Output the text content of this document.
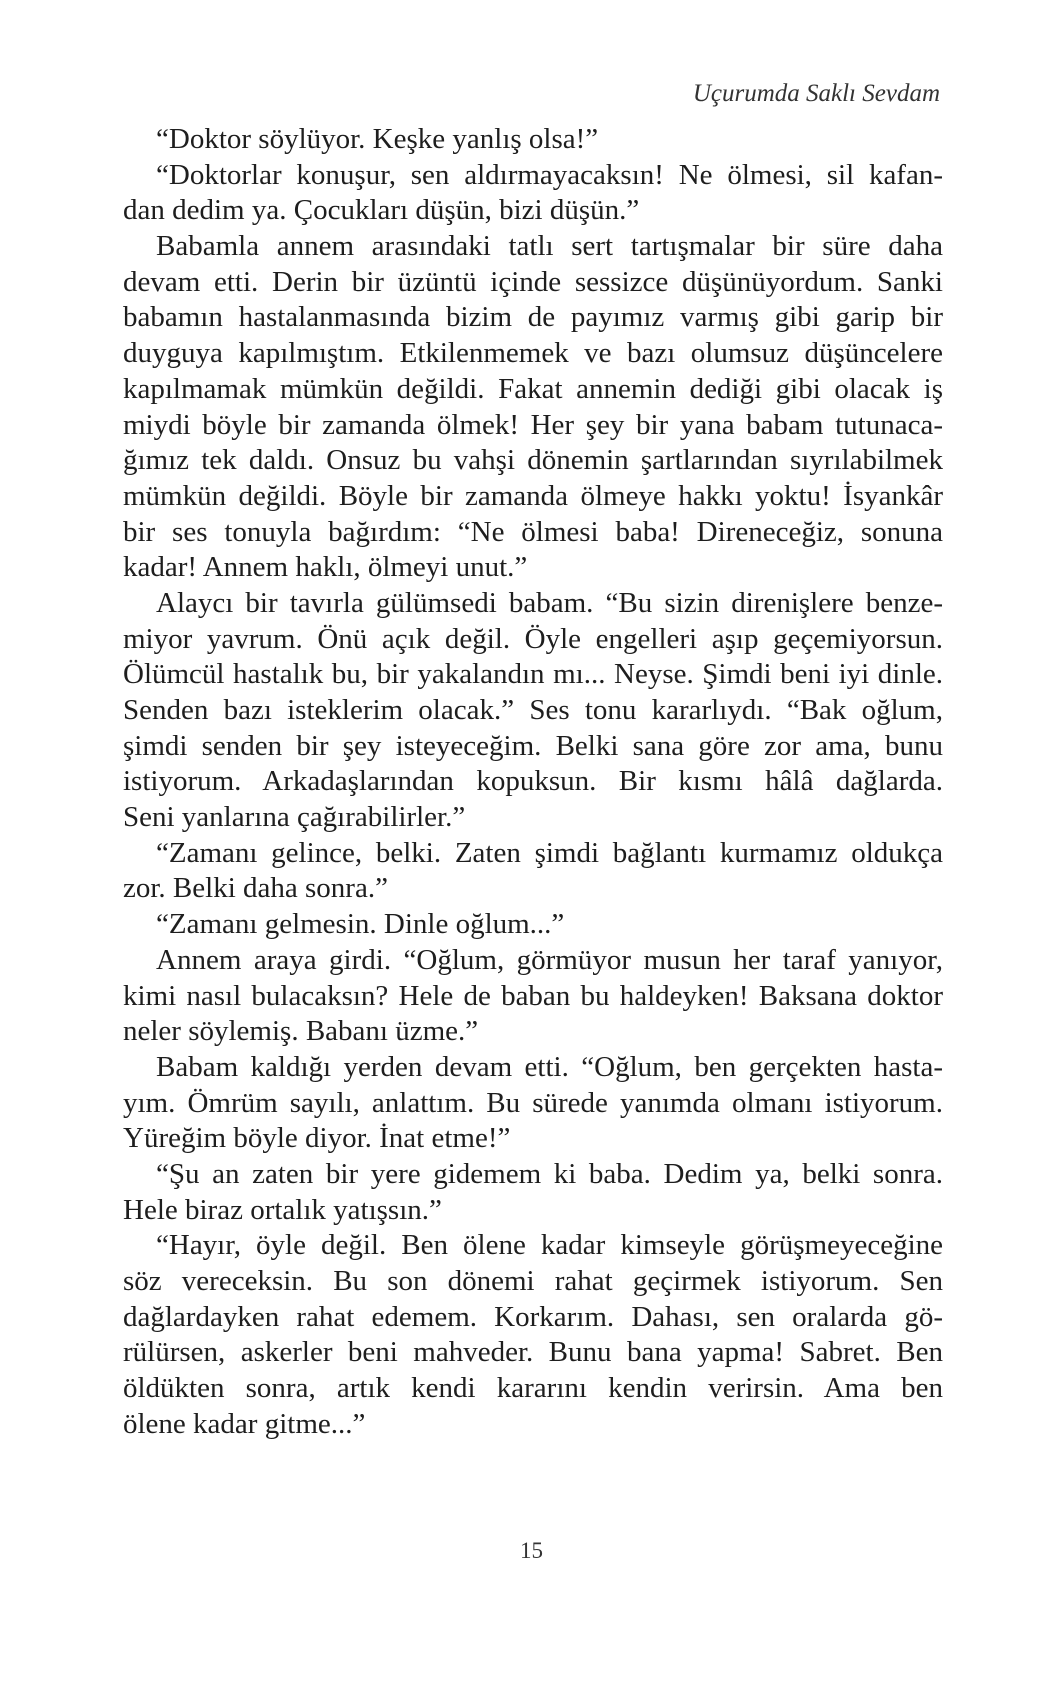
Uçurumda Saklı Sevdam

“Doktor söylüyor. Keşke yanlış olsa!”
“Doktorlar konuşur, sen aldırmayacaksın! Ne ölmesi, sil kafan-
dan dedim ya. Çocukları düşün, bizi düşün.”
Babamla annem arasındaki tatlı sert tartışmalar bir süre daha
devam etti. Derin bir üzüntü içinde sessizce düşünüyordum. Sanki
babamın hastalanmasında bizim de payımız varmış gibi garip bir
duyguya kapılmıştım. Etkilenmemek ve bazı olumsuz düşüncelere
kapılmamak mümkün değildi. Fakat annemin dediği gibi olacak iş
miydi böyle bir zamanda ölmek! Her şey bir yana babam tutunaca-
ğımız tek daldı. Onsuz bu vahşi dönemin şartlarından sıyrılabilmek
mümkün değildi. Böyle bir zamanda ölmeye hakkı yoktu! İsyankâr
bir ses tonuyla bağırdım: “Ne ölmesi baba! Direneceğiz, sonuna
kadar! Annem haklı, ölmeyi unut.”
Alaycı bir tavırla gülümsedi babam. “Bu sizin direnişlere benze-
miyor yavrum. Önü açık değil. Öyle engelleri aşıp geçemiyorsun.
Ölümcül hastalık bu, bir yakalandın mı... Neyse. Şimdi beni iyi dinle.
Senden bazı isteklerim olacak.” Ses tonu kararlıydı. “Bak oğlum,
şimdi senden bir şey isteyeceğim. Belki sana göre zor ama, bunu
istiyorum. Arkadaşlarından kopuksun. Bir kısmı hâlâ dağlarda.
Seni yanlarına çağırabilirler.”
“Zamanı gelince, belki. Zaten şimdi bağlantı kurmamız oldukça
zor. Belki daha sonra.”
“Zamanı gelmesin. Dinle oğlum...”
Annem araya girdi. “Oğlum, görmüyor musun her taraf yanıyor,
kimi nasıl bulacaksın? Hele de baban bu haldeyken! Baksana doktor
neler söylemiş. Babanı üzme.”
Babam kaldığı yerden devam etti. “Oğlum, ben gerçekten hasta-
yım. Ömrüm sayılı, anlattım. Bu sürede yanımda olmanı istiyorum.
Yüreğim böyle diyor. İnat etme!”
“Şu an zaten bir yere gidemem ki baba. Dedim ya, belki sonra.
Hele biraz ortalık yatışsın.”
“Hayır, öyle değil. Ben ölene kadar kimseyle görüşmeyeceğine
söz vereceksin. Bu son dönemi rahat geçirmek istiyorum. Sen
dağlardayken rahat edemem. Korkarım. Dahası, sen oralarda gö-
rülürsen, askerler beni mahveder. Bunu bana yapma! Sabret. Ben
öldükten sonra, artık kendi kararını kendin verirsin. Ama ben
ölene kadar gitme...”

15
